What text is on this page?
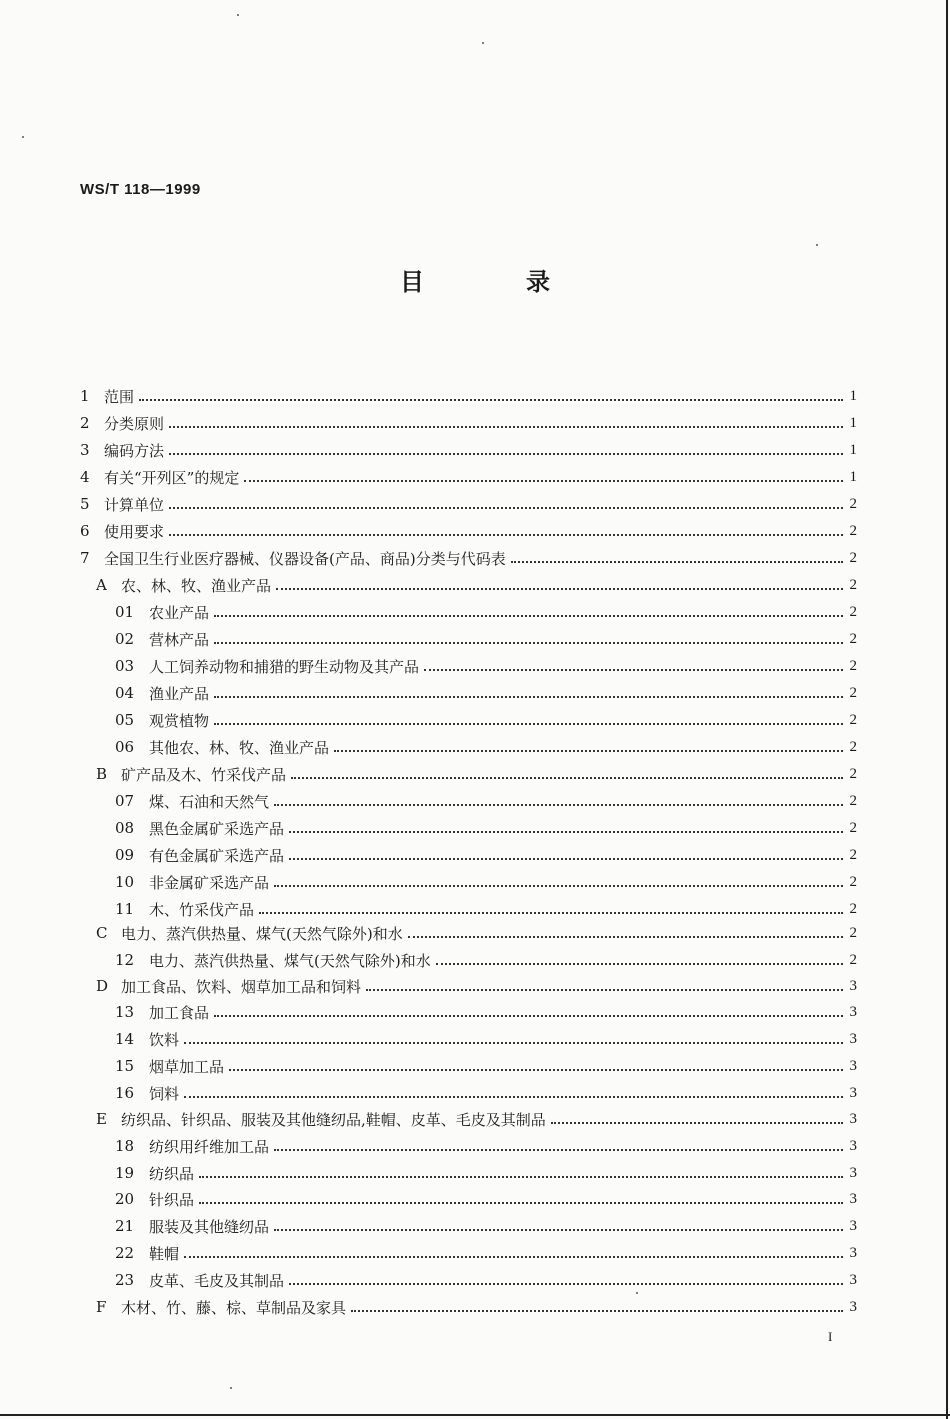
WS/T 118—1999
目	录
1 范围	1
2 分类原则	1
3 编码方法	1
4 有关“开列区”的规定	1
5 计算单位	2
6 使用要求	2
7 全国卫生行业医疗器械、仪器设备(产品、商品)分类与代码表	2
A 农、林、牧、渔业产品	2
01 农业产品	2
02 营林产品	2
03 人工饲养动物和捕猎的野生动物及其产品	2
04 渔业产品	2
05 观赏植物	2
06 其他农、林、牧、渔业产品	2
B 矿产品及木、竹采伐产品	2
07 煤、石油和天然气	2
08 黑色金属矿采选产品	2
09 有色金属矿采选产品	2
10 非金属矿采选产品	2
11 木、竹采伐产品	2
C 电力、蒸汽供热量、煤气(天然气除外)和水	2
12 电力、蒸汽供热量、煤气(天然气除外)和水	2
D 加工食品、饮料、烟草加工品和饲料	3
13 加工食品	3
14 饮料	3
15 烟草加工品	3
16 饲料	3
E 纺织品、针织品、服装及其他缝纫品,鞋帽、皮革、毛皮及其制品	3
18 纺织用纤维加工品	3
19 纺织品	3
20 针织品	3
21 服装及其他缝纫品	3
22 鞋帽	3
23 皮革、毛皮及其制品	3
F 木材、竹、藤、棕、草制品及家具	3
I
